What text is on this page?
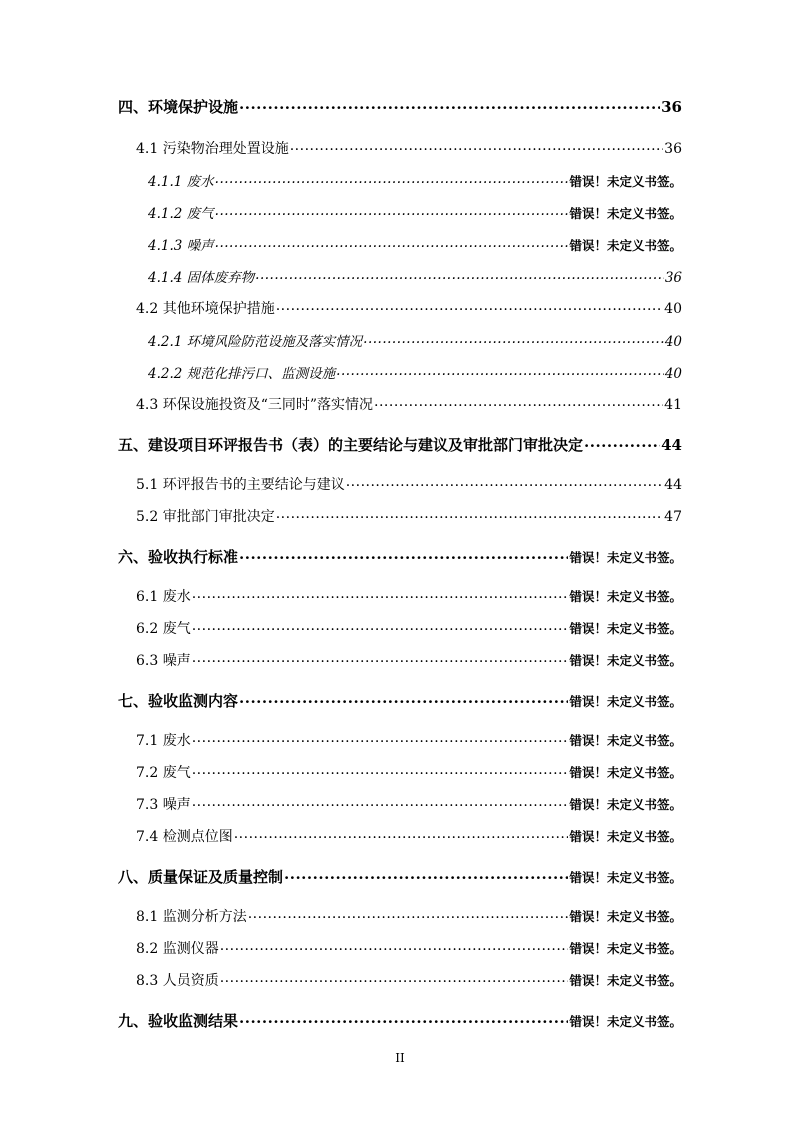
四、环境保护设施 .....	36
4.1 污染物治理处置设施 .....	36
4.1.1 废水 .....	错误！未定义书签。
4.1.2 废气 .....	错误！未定义书签。
4.1.3 噪声 .....	错误！未定义书签。
4.1.4 固体废弃物 .....	36
4.2 其他环境保护措施 .....	40
4.2.1 环境风险防范设施及落实情况 .....	40
4.2.2 规范化排污口、监测设施 .....	40
4.3 环保设施投资及“三同时”落实情况 .....	41
五、建设项目环评报告书（表）的主要结论与建议及审批部门审批决定 .....	44
5.1 环评报告书的主要结论与建议 .....	44
5.2 审批部门审批决定 .....	47
六、验收执行标准 .....	错误！未定义书签。
6.1 废水 .....	错误！未定义书签。
6.2 废气 .....	错误！未定义书签。
6.3 噪声 .....	错误！未定义书签。
七、验收监测内容 .....	错误！未定义书签。
7.1 废水 .....	错误！未定义书签。
7.2 废气 .....	错误！未定义书签。
7.3 噪声 .....	错误！未定义书签。
7.4 检测点位图 .....	错误！未定义书签。
八、质量保证及质量控制 .....	错误！未定义书签。
8.1 监测分析方法 .....	错误！未定义书签。
8.2 监测仪器 .....	错误！未定义书签。
8.3 人员资质 .....	错误！未定义书签。
九、验收监测结果 .....	错误！未定义书签。
II
